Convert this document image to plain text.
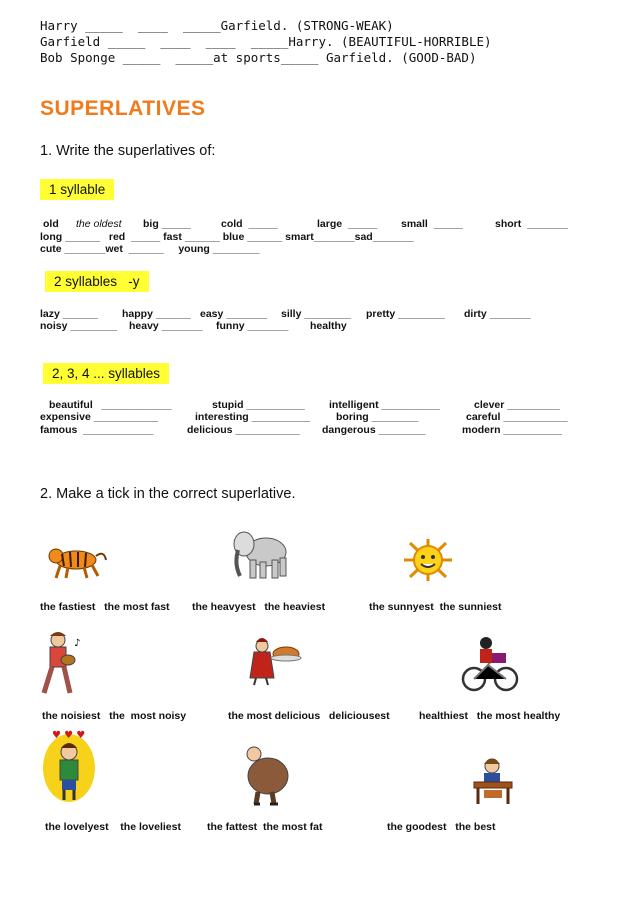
Harry _____  ____  _____Garfield. (STRONG-WEAK)
Garfield _____  ____  ____  _____Harry. (BEAUTIFUL-HORRIBLE)
Bob Sponge _____  _____at sports_____ Garfield. (GOOD-BAD)
SUPERLATIVES
1. Write the superlatives of:
1 syllable
old the oldest big _____	cold  _____	large  _____ small  _____	short  _______
long ______   red  _____ fast ______ blue ______ smart_______sad_______
cute _______wet  ______     young ________
2 syllables   -y
lazy ______ happy ______ easy _______ silly ________ pretty ________ dirty _______
noisy ________ heavy _______ funny _______ healthy
2, 3, 4 ... syllables
beautiful   ____________	stupid __________ intelligent __________	clever _________
expensive ___________	interesting __________ boring ________	careful ___________
famous  ____________	delicious ___________ dangerous ________	modern __________
2. Make a tick in the correct superlative.
the fastiest   the most fast the heavyest   the heaviest	the sunnyest  the sunniest
♪
the noisiest   the  most noisy	the most delicious   deliciousest	healthiest   the most healthy
♥ ♥ ♥
the lovelyest    the loveliest the fattest  the most fat	the goodest   the best
